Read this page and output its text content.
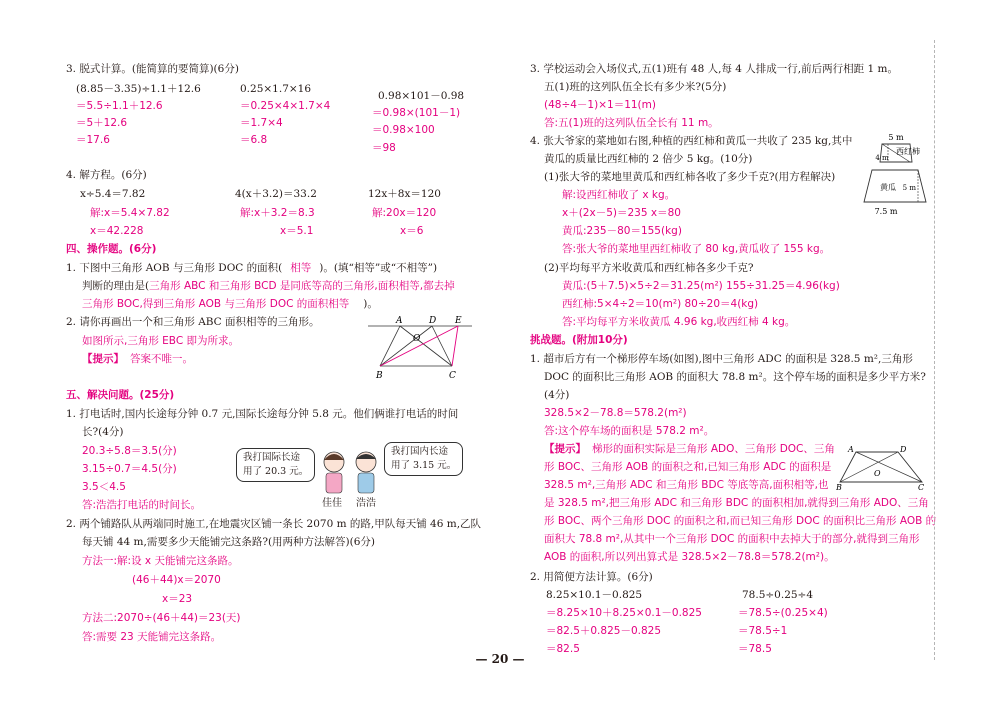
3. 脱式计算。(能简算的要简算)(6分)
(8.85－3.35)÷1.1＋12.6
＝5.5÷1.1＋12.6
＝5＋12.6
＝17.6
0.25×1.7×16
＝0.25×4×1.7×4
＝1.7×4
＝6.8
0.98×101－0.98
＝0.98×(101－1)
＝0.98×100
＝98
4. 解方程。(6分)
x÷5.4＝7.82
解:x＝5.4×7.82
x＝42.228
4(x＋3.2)＝33.2
解:x＋3.2＝8.3
x＝5.1
12x＋8x＝120
解:20x＝120
x＝6
四、操作题。(6分)
1. 下图中三角形 AOB 与三角形 DOC 的面积( 相等 )。(填“相等”或“不相等”)
判断的理由是(三角形 ABC 和三角形 BCD 是同底等高的三角形,面积相等,都去掉
三角形 BOC,得到三角形 AOB 与三角形 DOC 的面积相等 )。
2. 请你再画出一个和三角形 ABC 面积相等的三角形。
如图所示,三角形 EBC 即为所求。
【提示】 答案不唯一。
A
O
D E
B	C
五、解决问题。(25分)
1. 打电话时,国内长途每分钟 0.7 元,国际长途每分钟 5.8 元。他们俩谁打电话的时间
长?(4分)
20.3÷5.8＝3.5(分)
3.15÷0.7＝4.5(分)
3.5＜4.5
答:浩浩打电话的时间长。
我打国际长途
用了 20.3 元。
我打国内长途
用了 3.15 元。
佳佳 浩浩
2. 两个铺路队从两端同时施工,在地震灾区铺一条长 2070 m 的路,甲队每天铺 46 m,乙队
每天铺 44 m,需要多少天能铺完这条路?(用两种方法解答)(6分)
方法一:解:设 x 天能铺完这条路。
(46＋44)x＝2070
x＝23
方法二:2070÷(46＋44)＝23(天)
答:需要 23 天能铺完这条路。
3. 学校运动会入场仪式,五(1)班有 48 人,每 4 人排成一行,前后两行相距 1 m。
五(1)班的这列队伍全长有多少米?(5分)
(48÷4－1)×1＝11(m)
答:五(1)班的这列队伍全长有 11 m。
4. 张大爷家的菜地如右图,种植的西红柿和黄瓜一共收了 235 kg,其中
黄瓜的质量比西红柿的 2 倍少 5 kg。(10分)
(1)张大爷的菜地里黄瓜和西红柿各收了多少千克?(用方程解决)
解:设西红柿收了 x kg。
x＋(2x－5)＝235 x＝80
黄瓜:235－80＝155(kg)
答:张大爷的菜地里西红柿收了 80 kg,黄瓜收了 155 kg。
(2)平均每平方米收黄瓜和西红柿各多少千克?
黄瓜:(5＋7.5)×5÷2＝31.25(m²) 155÷31.25＝4.96(kg)
西红柿:5×4÷2＝10(m²) 80÷20＝4(kg)
答:平均每平方米收黄瓜 4.96 kg,收西红柿 4 kg。
5 m
西红柿
4 m
黄瓜 5 m
7.5 m
挑战题。(附加10分)
1. 超市后方有一个梯形停车场(如图),图中三角形 ADC 的面积是 328.5 m²,三角形
DOC 的面积比三角形 AOB 的面积大 78.8 m²。这个停车场的面积是多少平方米?
(4分)
328.5×2－78.8＝578.2(m²)
答:这个停车场的面积是 578.2 m²。
【提示】 梯形的面积实际是三角形 ADO、三角形 DOC、三角
形 BOC、三角形 AOB 的面积之和,已知三角形 ADC 的面积是
328.5 m²,三角形 ADC 和三角形 BDC 等底等高,面积相等,也
是 328.5 m²,把三角形 ADC 和三角形 BDC 的面积相加,就得到三角形 ADO、三角
形 BOC、两个三角形 DOC 的面积之和,而已知三角形 DOC 的面积比三角形 AOB 的
面积大 78.8 m²,从其中一个三角形 DOC 的面积中去掉大于的部分,就得到三角形
AOB 的面积,所以列出算式是 328.5×2－78.8＝578.2(m²)。
A	D
O
B	C
2. 用简便方法计算。(6分)
8.25×10.1－0.825
＝8.25×10＋8.25×0.1－0.825
＝82.5＋0.825－0.825
＝82.5
78.5÷0.25÷4
＝78.5÷(0.25×4)
＝78.5÷1
＝78.5
— 20 —
